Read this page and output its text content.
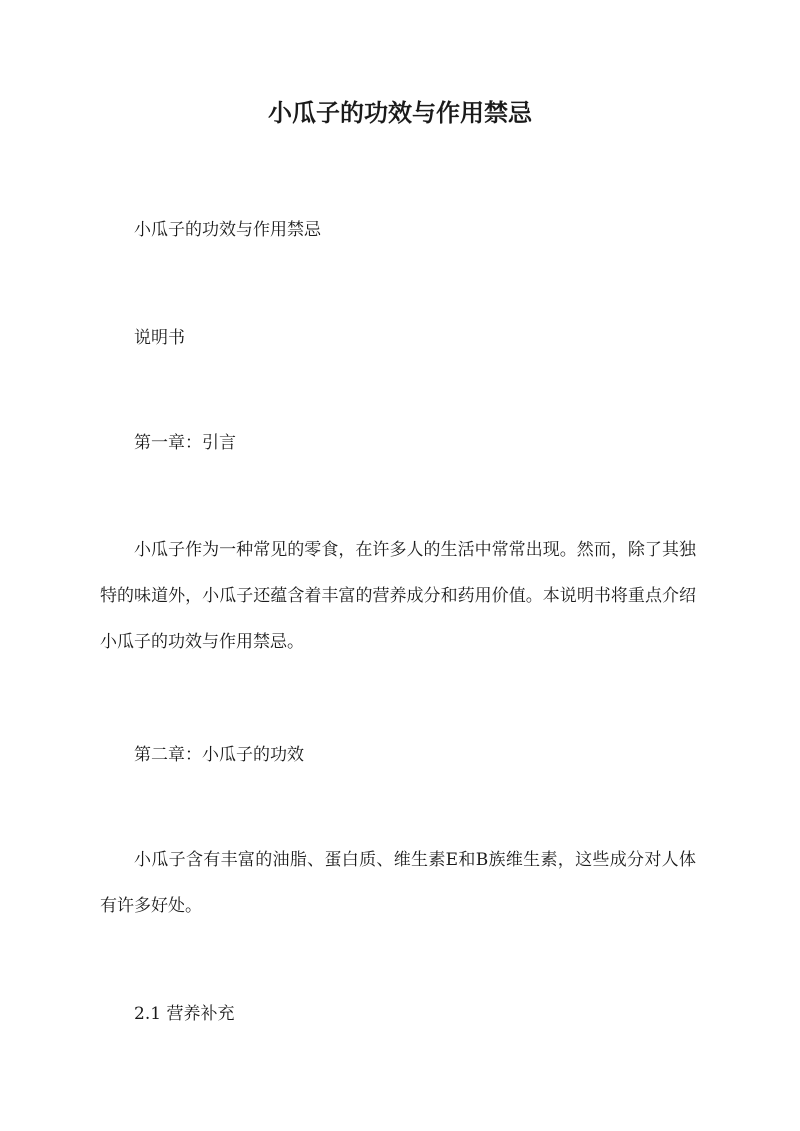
小瓜子的功效与作用禁忌

小瓜子的功效与作用禁忌

说明书

第一章：引言

小瓜子作为一种常见的零食，在许多人的生活中常常出现。然而，除了其独特的味道外，小瓜子还蕴含着丰富的营养成分和药用价值。本说明书将重点介绍小瓜子的功效与作用禁忌。

第二章：小瓜子的功效

小瓜子含有丰富的油脂、蛋白质、维生素E和B族维生素，这些成分对人体有许多好处。

2.1 营养补充
